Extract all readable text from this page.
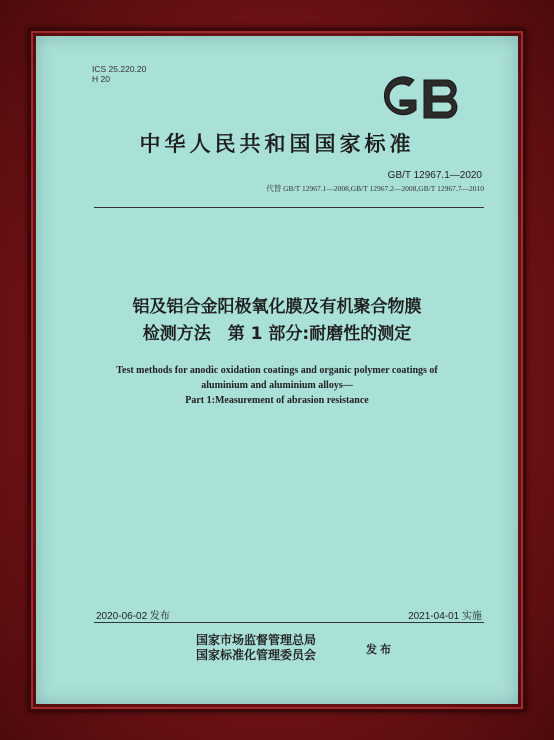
ICS 25.220.20
H 20
中华人民共和国国家标准
GB/T 12967.1—2020
代替 GB/T 12967.1—2008,GB/T 12967.2—2008,GB/T 12967.7—2010
铝及铝合金阳极氧化膜及有机聚合物膜
检测方法　第 1 部分:耐磨性的测定
Test methods for anodic oxidation coatings and organic polymer coatings of
aluminium and aluminium alloys—
Part 1:Measurement of abrasion resistance
2020-06-02 发布	2021-04-01 实施
国家市场监督管理总局
国家标准化管理委员会	发布
